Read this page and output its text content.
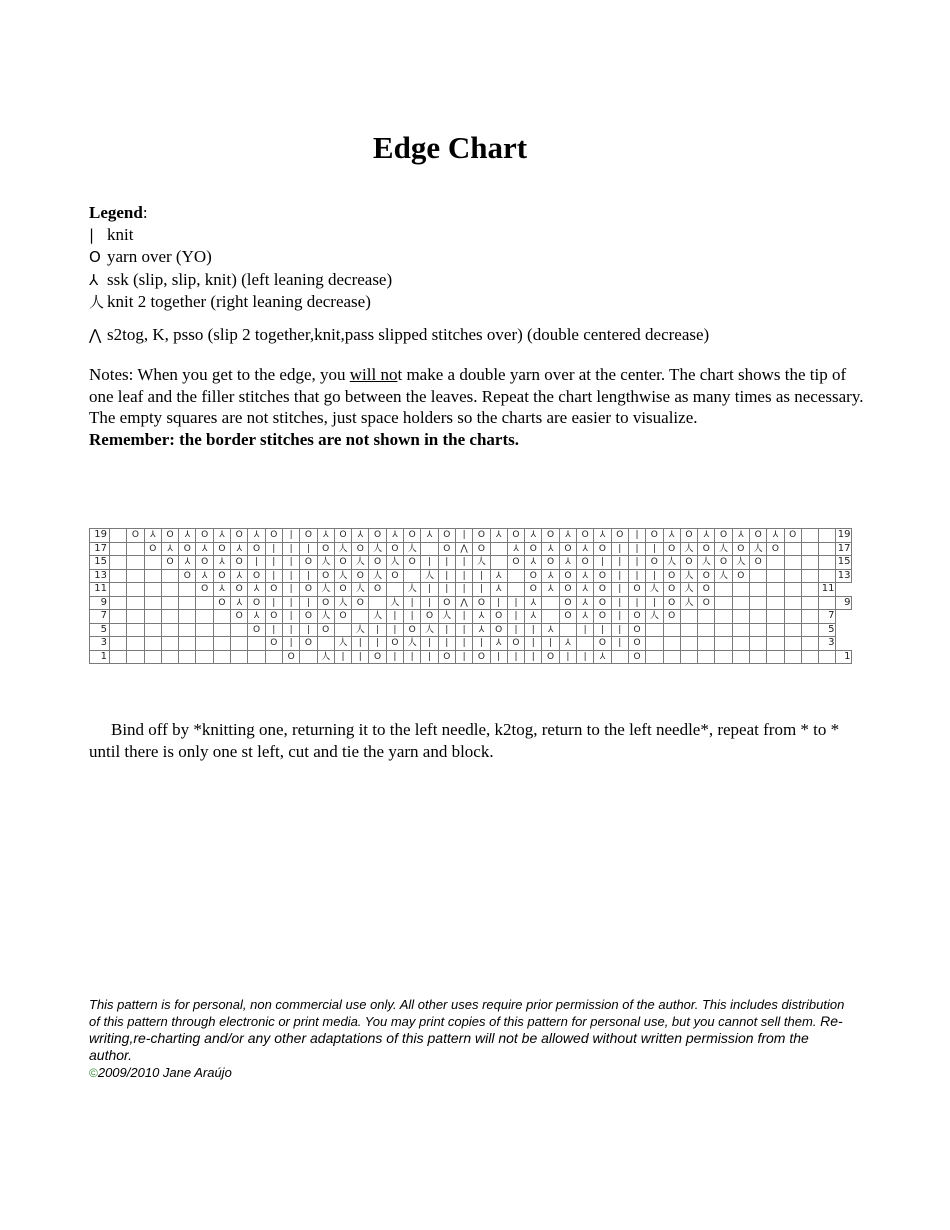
Edge Chart
Legend:
| knit
O yarn over (YO)
⅄ ssk (slip, slip, knit) (left leaning decrease)
人 knit 2 together (right leaning decrease)
⋀ s2tog, K, psso (slip 2 together,knit,pass slipped stitches over) (double centered decrease)

Notes: When you get to the edge, you will not make a double yarn over at the center. The chart shows the tip of one leaf and the filler stitches that go between the leaves. Repeat the chart lengthwise as many times as necessary.

The empty squares are not stitches, just space holders so the charts are easier to visualize.

Remember: the border stitches are not shown in the charts.

19		O	⅄	O	⅄	O	⅄	O	⅄	O	|	O	⅄	O	⅄	O	⅄	O	⅄	O	|	O	⅄	O	⅄	O	⅄	O	⅄	O	|	O	⅄	O	⅄	O	⅄	O	⅄	O			19
17			O	⅄	O	⅄	O	⅄	O	|	|	|	O	人	O	人	O	人		O	⋀	O		⅄	O	⅄	O	⅄	O	|	|	|	O	人	O	人	O	人	O				17
15				O	⅄	O	⅄	O	|	|	|	O	人	O	人	O	人	O	|	|	|	人		O	⅄	O	⅄	O	|	|	|	O	人	O	人	O	人	O					15
13					O	⅄	O	⅄	O	|	|	|	O	人	O	人	O		人	|	|	|	⅄		O	⅄	O	⅄	O	|	|	|	O	人	O	人	O						13
11						O	⅄	O	⅄	O	|	O	人	O	人	O		人	|	|	|	|	⅄		O	⅄	O	⅄	O	|	O	人	O	人	O							11	
9							O	⅄	O	|	|	|	O	人	O		人	|	|	O	⋀	O	|	|	⅄		O	⅄	O	|	|	|	O	人	O								9
7								O	⅄	O	|	O	人	O		人	|	|	O	人	|	⅄	O	|	⅄		O	⅄	O	|	O	人	O									7	
5									O	|	|	|	O		人	|	|	O	人	|	|	⅄	O	|	|	⅄		|	|	|	O											5	
3										O	|	O		人	|	|	O	人	|	|	|	|	⅄	O	|	|	⅄		O	|	O											3	
1											O		人	|	|	O	|	|	|	O	|	O	|	|	|	O	|	|	⅄		O												1
Bind off by *knitting one, returning it to the left needle, k2tog, return to the left needle*, repeat from * to * until there is only one st left, cut and tie the yarn and block.
This pattern is for personal, non commercial use only. All other uses require prior permission of the author. This includes distribution of this pattern through electronic or print media. You may print copies of this pattern for personal use, but you cannot sell them. Re-writing,re-charting and/or any other adaptations of this pattern will not be allowed without written permission from the author.
©2009/2010 Jane Araújo
